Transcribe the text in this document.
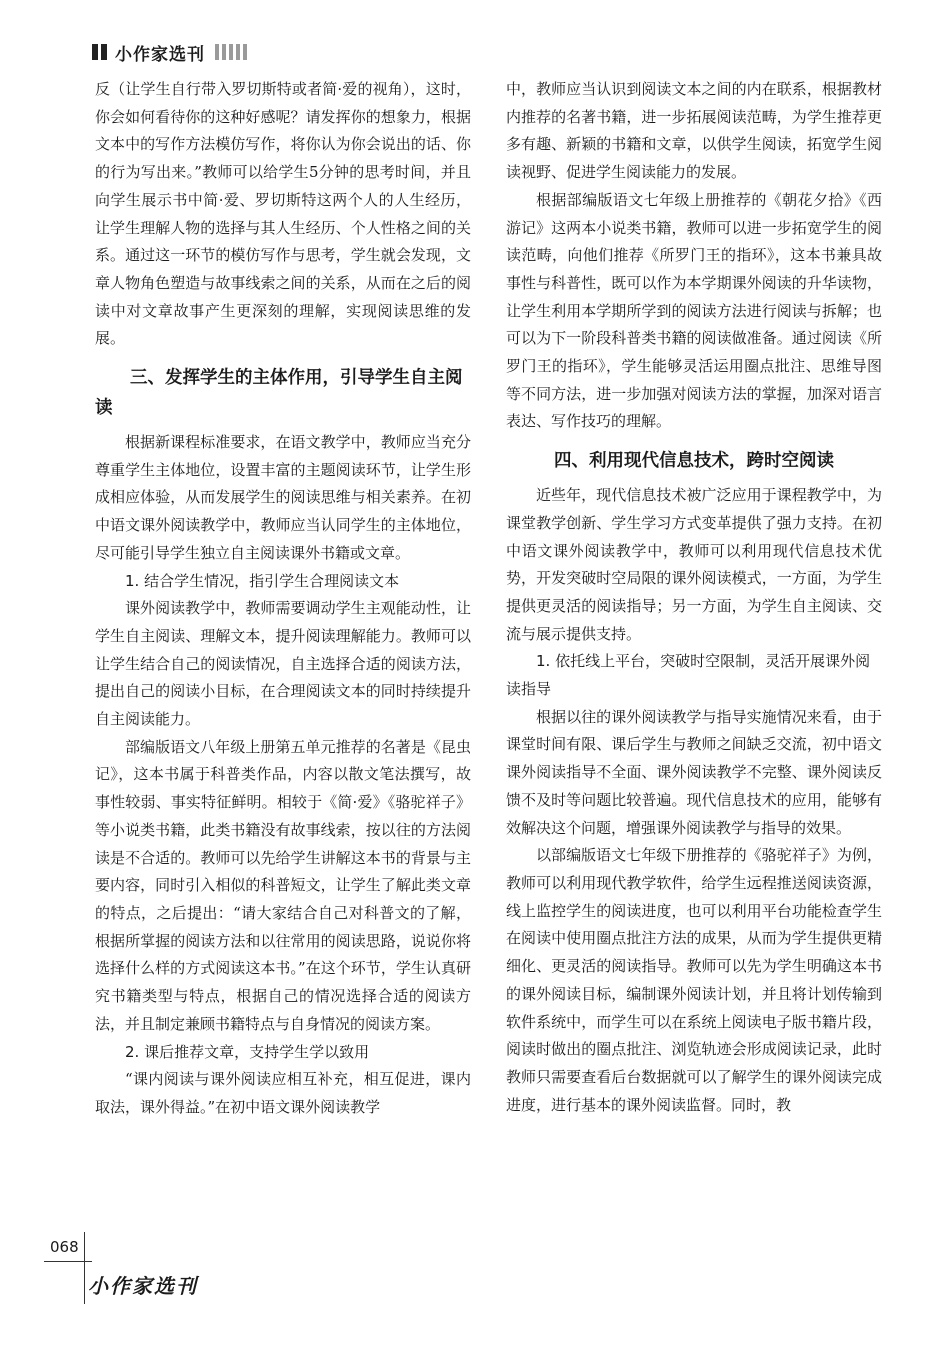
小作家选刊

反（让学生自行带入罗切斯特或者简·爱的视角），这时，你会如何看待你的这种好感呢？请发挥你的想象力，根据文本中的写作方法模仿写作，将你认为你会说出的话、你的行为写出来。”教师可以给学生5分钟的思考时间，并且向学生展示书中简·爱、罗切斯特这两个人的人生经历，让学生理解人物的选择与其人生经历、个人性格之间的关系。通过这一环节的模仿写作与思考，学生就会发现，文章人物角色塑造与故事线索之间的关系，从而在之后的阅读中对文章故事产生更深刻的理解，实现阅读思维的发展。

三、发挥学生的主体作用，引导学生自主阅读

根据新课程标准要求，在语文教学中，教师应当充分尊重学生主体地位，设置丰富的主题阅读环节，让学生形成相应体验，从而发展学生的阅读思维与相关素养。在初中语文课外阅读教学中，教师应当认同学生的主体地位，尽可能引导学生独立自主阅读课外书籍或文章。

1. 结合学生情况，指引学生合理阅读文本

课外阅读教学中，教师需要调动学生主观能动性，让学生自主阅读、理解文本，提升阅读理解能力。教师可以让学生结合自己的阅读情况，自主选择合适的阅读方法，提出自己的阅读小目标，在合理阅读文本的同时持续提升自主阅读能力。

部编版语文八年级上册第五单元推荐的名著是《昆虫记》，这本书属于科普类作品，内容以散文笔法撰写，故事性较弱、事实特征鲜明。相较于《简·爱》《骆驼祥子》等小说类书籍，此类书籍没有故事线索，按以往的方法阅读是不合适的。教师可以先给学生讲解这本书的背景与主要内容，同时引入相似的科普短文，让学生了解此类文章的特点，之后提出：“请大家结合自己对科普文的了解，根据所掌握的阅读方法和以往常用的阅读思路，说说你将选择什么样的方式阅读这本书。”在这个环节，学生认真研究书籍类型与特点，根据自己的情况选择合适的阅读方法，并且制定兼顾书籍特点与自身情况的阅读方案。

2. 课后推荐文章，支持学生学以致用

“课内阅读与课外阅读应相互补充，相互促进，课内取法，课外得益。”在初中语文课外阅读教学

中，教师应当认识到阅读文本之间的内在联系，根据教材内推荐的名著书籍，进一步拓展阅读范畴，为学生推荐更多有趣、新颖的书籍和文章，以供学生阅读，拓宽学生阅读视野、促进学生阅读能力的发展。

根据部编版语文七年级上册推荐的《朝花夕拾》《西游记》这两本小说类书籍，教师可以进一步拓宽学生的阅读范畴，向他们推荐《所罗门王的指环》，这本书兼具故事性与科普性，既可以作为本学期课外阅读的升华读物，让学生利用本学期所学到的阅读方法进行阅读与拆解；也可以为下一阶段科普类书籍的阅读做准备。通过阅读《所罗门王的指环》，学生能够灵活运用圈点批注、思维导图等不同方法，进一步加强对阅读方法的掌握，加深对语言表达、写作技巧的理解。

四、利用现代信息技术，跨时空阅读

近些年，现代信息技术被广泛应用于课程教学中，为课堂教学创新、学生学习方式变革提供了强力支持。在初中语文课外阅读教学中，教师可以利用现代信息技术优势，开发突破时空局限的课外阅读模式，一方面，为学生提供更灵活的阅读指导；另一方面，为学生自主阅读、交流与展示提供支持。

1. 依托线上平台，突破时空限制，灵活开展课外阅读指导

根据以往的课外阅读教学与指导实施情况来看，由于课堂时间有限、课后学生与教师之间缺乏交流，初中语文课外阅读指导不全面、课外阅读教学不完整、课外阅读反馈不及时等问题比较普遍。现代信息技术的应用，能够有效解决这个问题，增强课外阅读教学与指导的效果。

以部编版语文七年级下册推荐的《骆驼祥子》为例，教师可以利用现代教学软件，给学生远程推送阅读资源，线上监控学生的阅读进度，也可以利用平台功能检查学生在阅读中使用圈点批注方法的成果，从而为学生提供更精细化、更灵活的阅读指导。教师可以先为学生明确这本书的课外阅读目标，编制课外阅读计划，并且将计划传输到软件系统中，而学生可以在系统上阅读电子版书籍片段，阅读时做出的圈点批注、浏览轨迹会形成阅读记录，此时教师只需要查看后台数据就可以了解学生的课外阅读完成进度，进行基本的课外阅读监督。同时，教

068
小作家选刊
